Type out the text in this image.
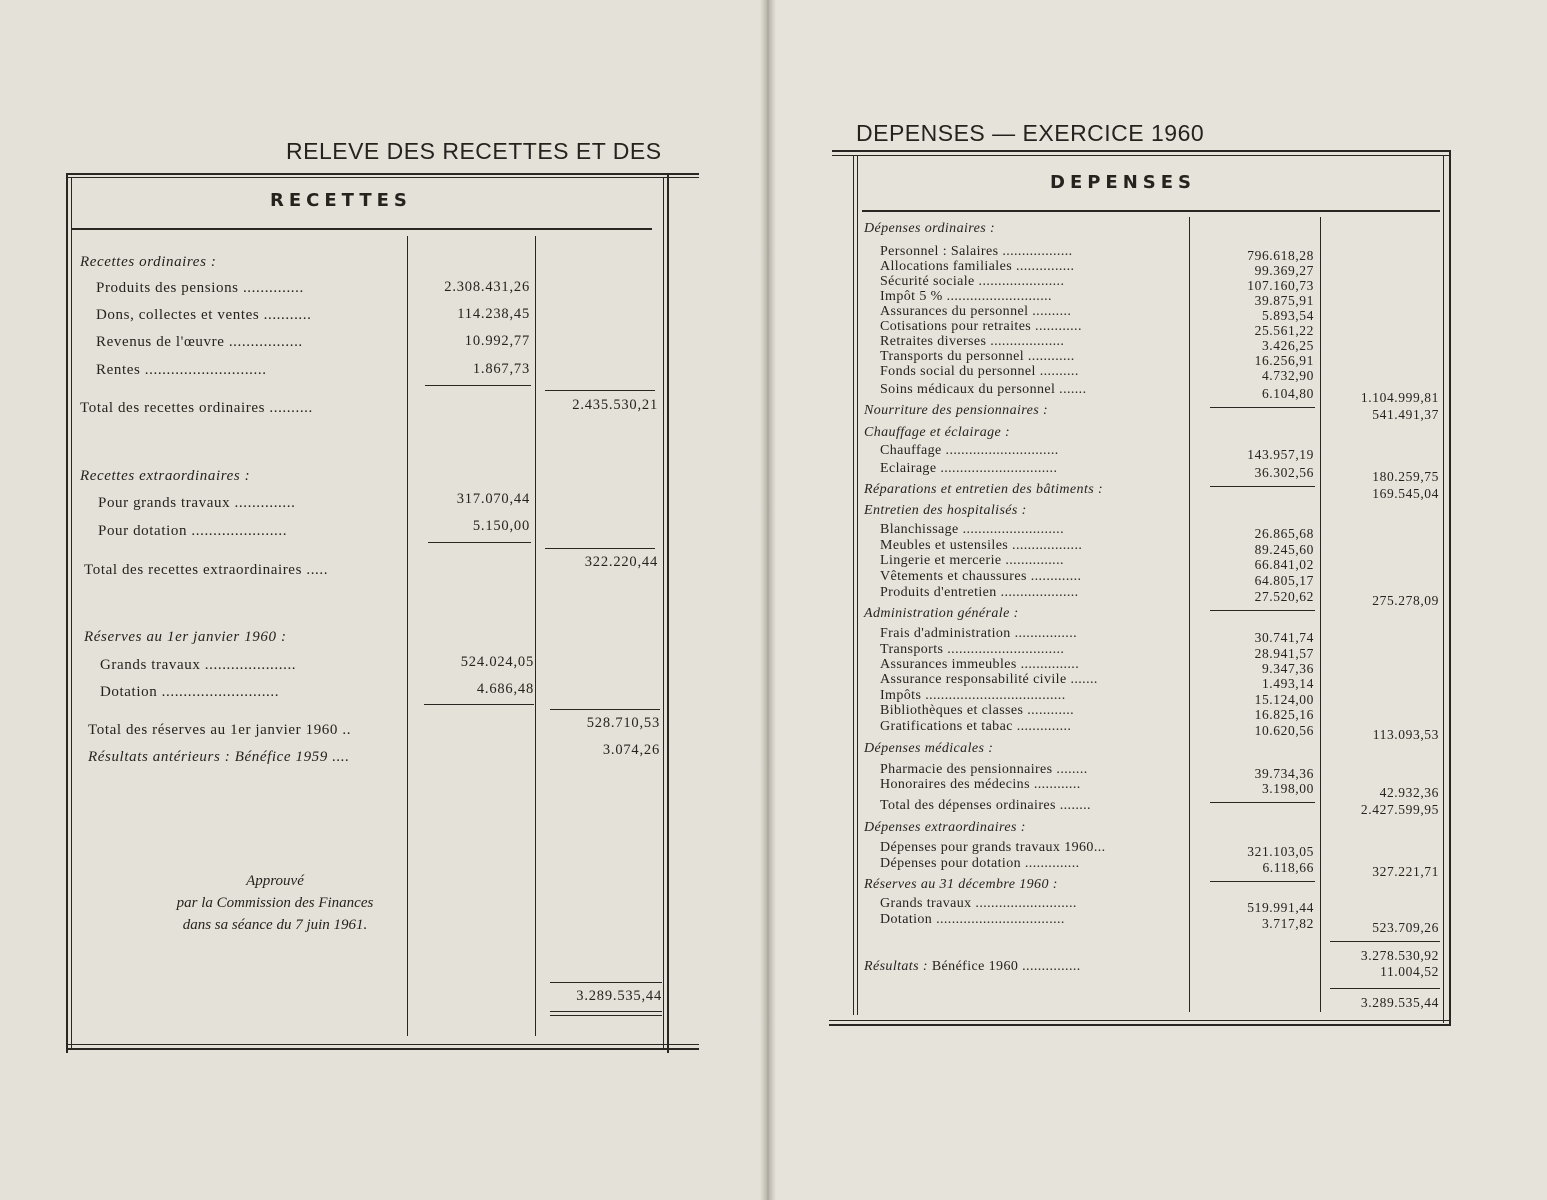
RELEVE DES RECETTES ET DES
RECETTES
Recettes ordinaires :
Produits des pensions ..............	2.308.431,26
Dons, collectes et ventes ...........	114.238,45
Revenus de l'œuvre .................	10.992,77
Rentes ............................	1.867,73
Total des recettes ordinaires ..........	2.435.530,21
Recettes extraordinaires :
Pour grands travaux ..............	317.070,44
Pour dotation ......................	5.150,00
Total des recettes extraordinaires .....	322.220,44
Réserves au 1er janvier 1960 :
Grands travaux .....................	524.024,05
Dotation ...........................	4.686,48
Total des réserves au 1er janvier 1960 ..	528.710,53
Résultats antérieurs : Bénéfice 1959 ....	3.074,26
Approuvé
par la Commission des Finances
dans sa séance du 7 juin 1961.
3.289.535,44
DEPENSES — EXERCICE 1960
DEPENSES
Dépenses ordinaires :
Personnel : Salaires ..................	796.618,28
Allocations familiales ...............	99.369,27
Sécurité sociale ......................	107.160,73
Impôt 5 % ...........................	39.875,91
Assurances du personnel ..........	5.893,54
Cotisations pour retraites ............	25.561,22
Retraites diverses ...................	3.426,25
Transports du personnel ............	16.256,91
Fonds social du personnel ..........	4.732,90
Soins médicaux du personnel .......	6.104,80	1.104.999,81
Nourriture des pensionnaires :	541.491,37
Chauffage et éclairage :
Chauffage .............................	143.957,19
Eclairage ..............................	36.302,56	180.259,75
Réparations et entretien des bâtiments :	169.545,04
Entretien des hospitalisés :
Blanchissage ..........................	26.865,68
Meubles et ustensiles ..................	89.245,60
Lingerie et mercerie ...............	66.841,02
Vêtements et chaussures .............	64.805,17
Produits d'entretien ....................	27.520,62	275.278,09
Administration générale :
Frais d'administration ................	30.741,74
Transports ..............................	28.941,57
Assurances immeubles ...............	9.347,36
Assurance responsabilité civile .......	1.493,14
Impôts ....................................	15.124,00
Bibliothèques et classes ............	16.825,16
Gratifications et tabac ..............	10.620,56	113.093,53
Dépenses médicales :
Pharmacie des pensionnaires ........	39.734,36
Honoraires des médecins ............	3.198,00	42.932,36
Total des dépenses ordinaires ........	2.427.599,95
Dépenses extraordinaires :
Dépenses pour grands travaux 1960...	321.103,05
Dépenses pour dotation ..............	6.118,66	327.221,71
Réserves au 31 décembre 1960 :
Grands travaux ..........................	519.991,44
Dotation .................................	3.717,82	523.709,26
3.278.530,92
Résultats : Bénéfice 1960 ...............	11.004,52
3.289.535,44
